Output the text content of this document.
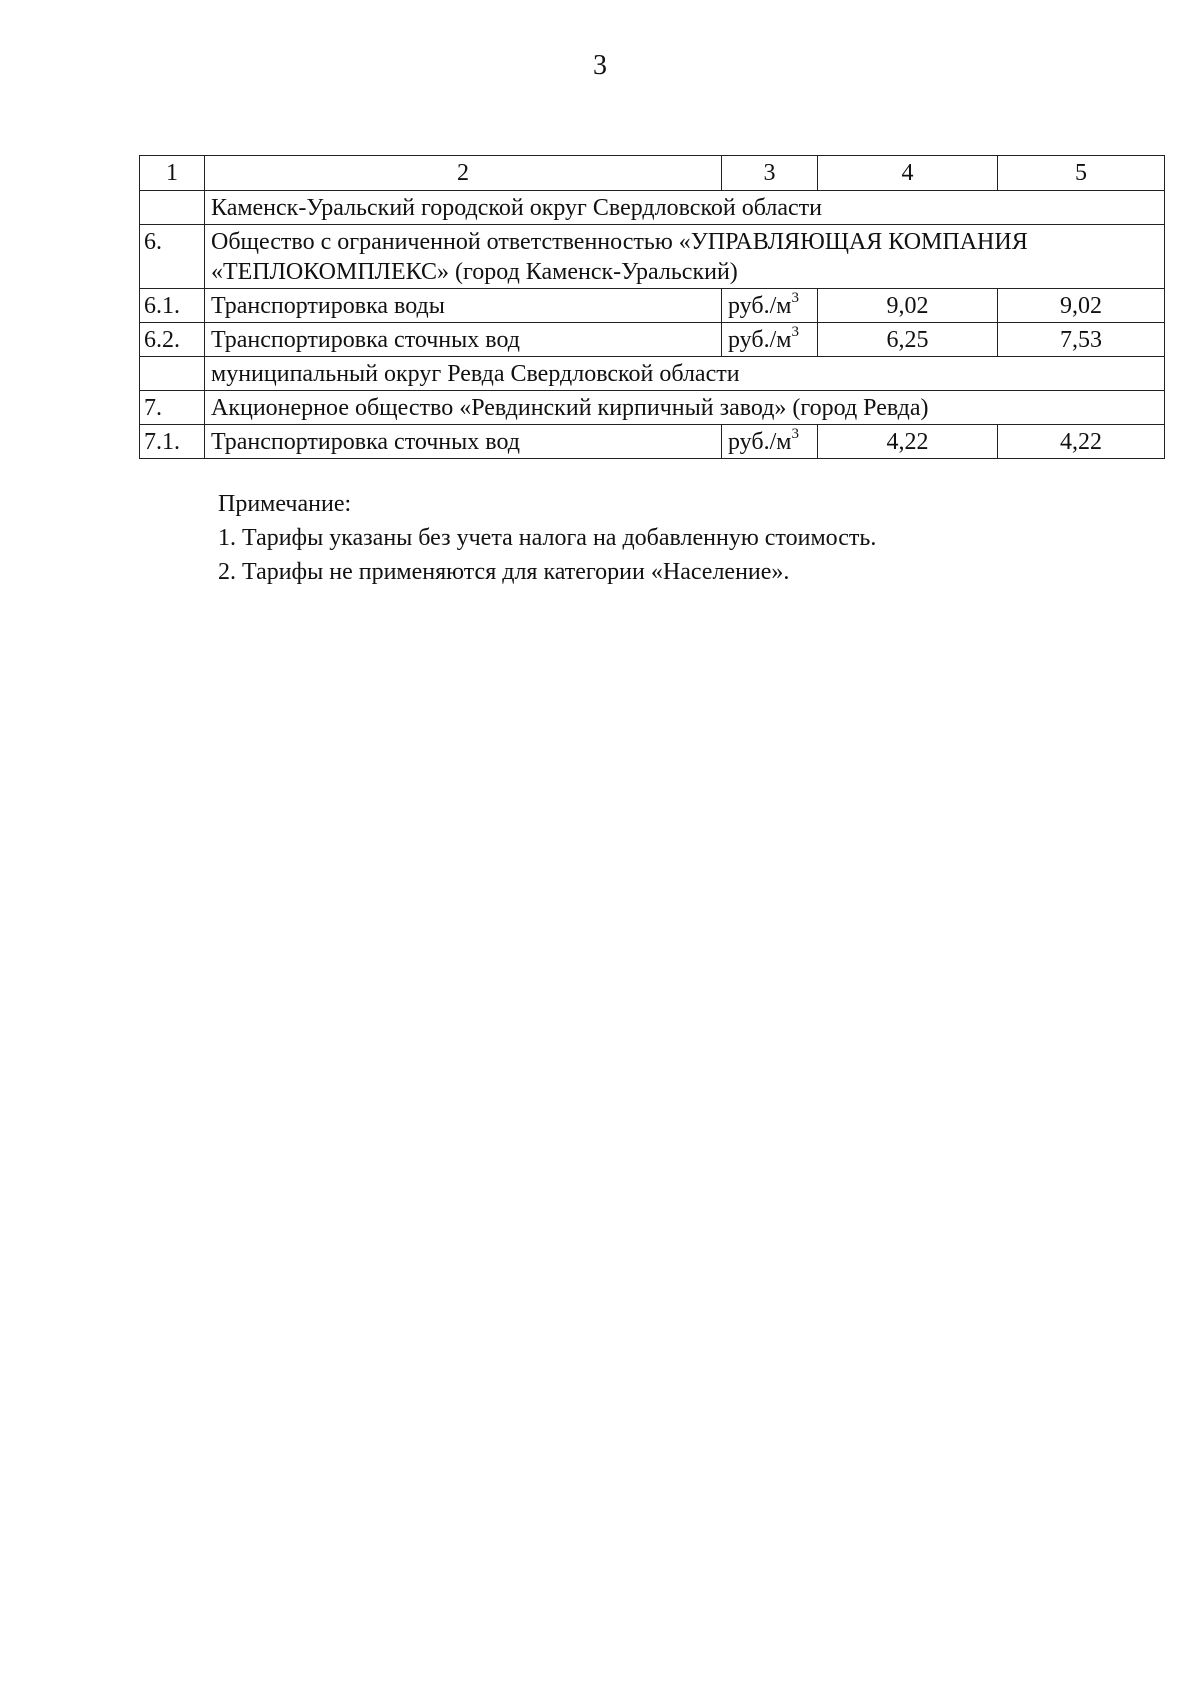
3
1	2	3	4	5
	Каменск-Уральский городской округ Свердловской области			
6.	Общество с ограниченной ответственностью «УПРАВЛЯЮЩАЯ КОМПАНИЯ «ТЕПЛОКОМПЛЕКС» (город Каменск-Уральский)			
6.1.	Транспортировка воды	$руб./м^3$	9,02	9,02
6.2.	Транспортировка сточных вод	$руб./м^3$	6,25	7,53
	муниципальный округ Ревда Свердловской области			
7.	Акционерное общество «Ревдинский кирпичный завод» (город Ревда)			
7.1.	Транспортировка сточных вод	$руб./м^3$	4,22	4,22
Примечание:
1. Тарифы указаны без учета налога на добавленную стоимость.
2. Тарифы не применяются для категории «Население».
